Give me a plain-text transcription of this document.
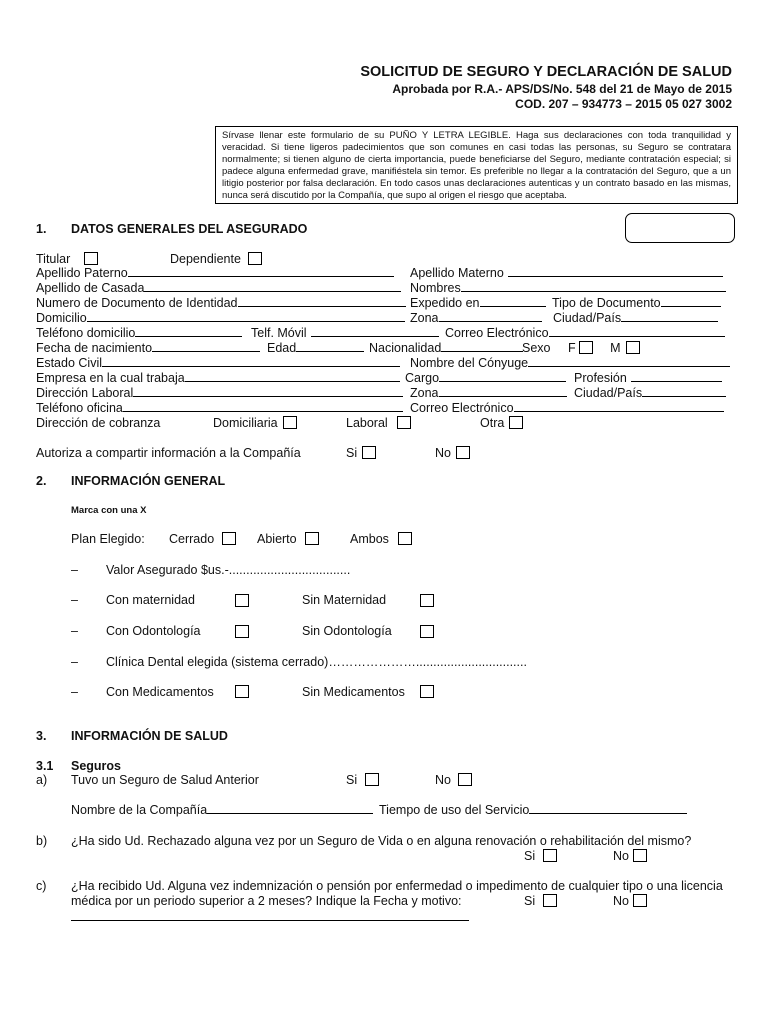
SOLICITUD DE SEGURO Y DECLARACIÓN DE SALUD
Aprobada por R.A.- APS/DS/No. 548 del 21 de Mayo de 2015
COD. 207 – 934773 – 2015 05 027 3002
Sírvase llenar este formulario de su PUÑO Y LETRA LEGIBLE. Haga sus declaraciones con toda tranquilidad y veracidad. Si tiene ligeros padecimientos que son comunes en casi todas las personas, su Seguro se contratara normalmente; si tienen alguno de cierta importancia, puede beneficiarse del Seguro, mediante contratación especial; si padece alguna enfermedad grave, manifiéstela sin temor. Es preferible no llegar a la contratación del Seguro, que a un litigio posterior por falsa declaración. En todo casos unas declaraciones autenticas y un contrato basado en las mismas, nunca será discutido por la Compañía, que supo al origen el riesgo que aceptaba.
1. DATOS GENERALES DEL ASEGURADO
Titular	Dependiente
Apellido Paterno	Apellido Materno
Apellido de Casada	Nombres
Numero de Documento de Identidad	Expedido en	Tipo de Documento
Domicilio	Zona	Ciudad/País
Teléfono domicilio	Telf. Móvil	Correo Electrónico
Fecha de nacimiento	Edad	Nacionalidad	Sexo F	M
Estado Civil	Nombre del Cónyuge
Empresa en la cual trabaja	Cargo	Profesión
Dirección Laboral	Zona	Ciudad/País
Teléfono oficina	Correo Electrónico
Dirección de cobranza	Domiciliaria	Laboral	Otra
Autoriza a compartir información a la Compañía	Si	No
2. INFORMACIÓN GENERAL
Marca con una X
Plan Elegido: Cerrado	Abierto	Ambos
– Valor Asegurado $us.-...................................
– Con maternidad	Sin Maternidad
– Con Odontología	Sin Odontología
– Clínica Dental elegida (sistema cerrado)…………………................................
– Con Medicamentos	Sin Medicamentos
3. INFORMACIÓN DE SALUD
3.1 Seguros
a) Tuvo un Seguro de Salud Anterior	Si	No
Nombre de la Compañía	Tiempo de uso del Servicio
b) ¿Ha sido Ud. Rechazado alguna vez por un Seguro de Vida o en alguna renovación o rehabilitación del mismo?
Si	No
c) ¿Ha recibido Ud. Alguna vez indemnización o pensión por enfermedad o impedimento de cualquier tipo o una licencia
médica por un periodo superior a 2 meses? Indique la Fecha y motivo:	Si	No
